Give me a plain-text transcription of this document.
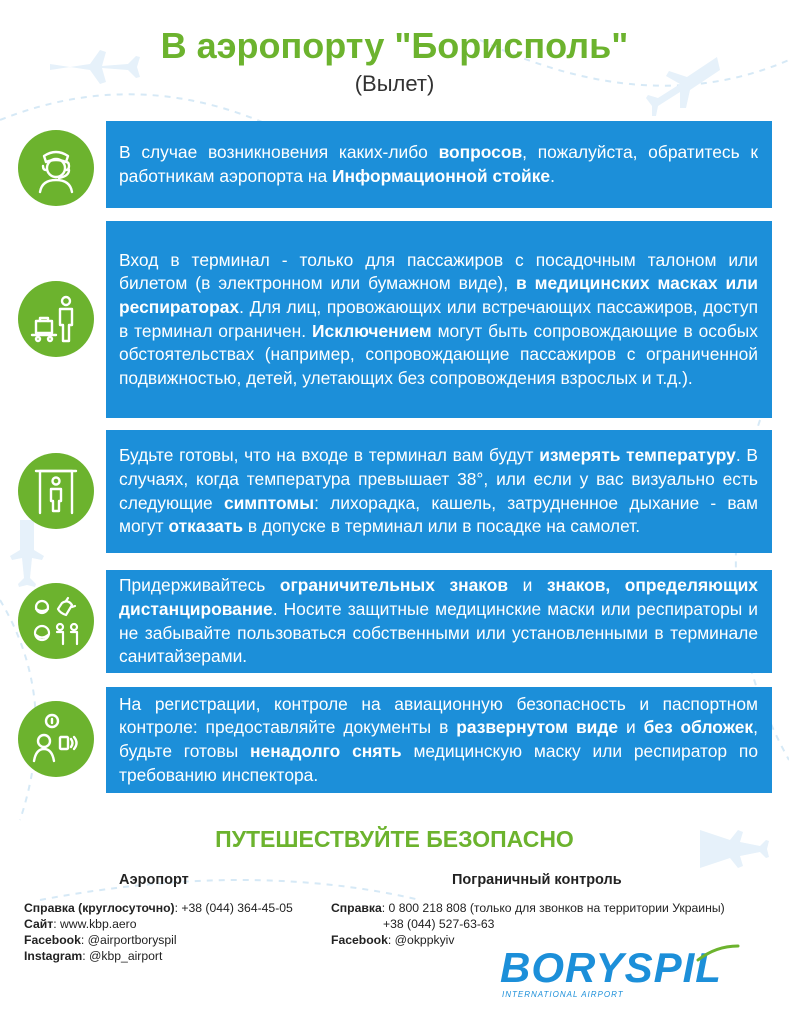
В аэропорту "Борисполь"
(Вылет)
В случае возникновения каких-либо вопросов, пожалуйста, обратитесь к работникам аэропорта на Информационной стойке.
Вход в терминал - только для пассажиров с посадочным талоном или билетом (в электронном или бумажном виде), в медицинских масках или респираторах. Для лиц, провожающих или встречающих пассажиров, доступ в терминал ограничен. Исключением могут быть сопровождающие в особых обстоятельствах (например, сопровождающие пассажиров с ограниченной подвижностью, детей, улетающих без сопровождения взрослых и т.д.).
Будьте готовы, что на входе в терминал вам будут измерять температуру. В случаях, когда температура превышает 38°, или если у вас визуально есть следующие симптомы: лихорадка, кашель, затрудненное дыхание - вам могут отказать в допуске в терминал или в посадке на самолет.
Придерживайтесь ограничительных знаков и знаков, определяющих дистанцирование. Носите защитные медицинские маски или респираторы и не забывайте пользоваться собственными или установленными в терминале санитайзерами.
На регистрации, контроле на авиационную безопасность и паспортном контроле: предоставляйте документы в развернутом виде и без обложек, будьте готовы ненадолго снять медицинскую маску или респиратор по требованию инспектора.
ПУТЕШЕСТВУЙТЕ БЕЗОПАСНО
Аэропорт	Пограничный контроль
Справка (круглосуточно): +38 (044) 364-45-05
Сайт: www.kbp.aero
Facebook: @airportboryspil
Instagram: @kbp_airport
Справка: 0 800 218 808 (только для звонков на территории Украины)
+38 (044) 527-63-63
Facebook: @okppkyiv
BORYSPIL
INTERNATIONAL AIRPORT
